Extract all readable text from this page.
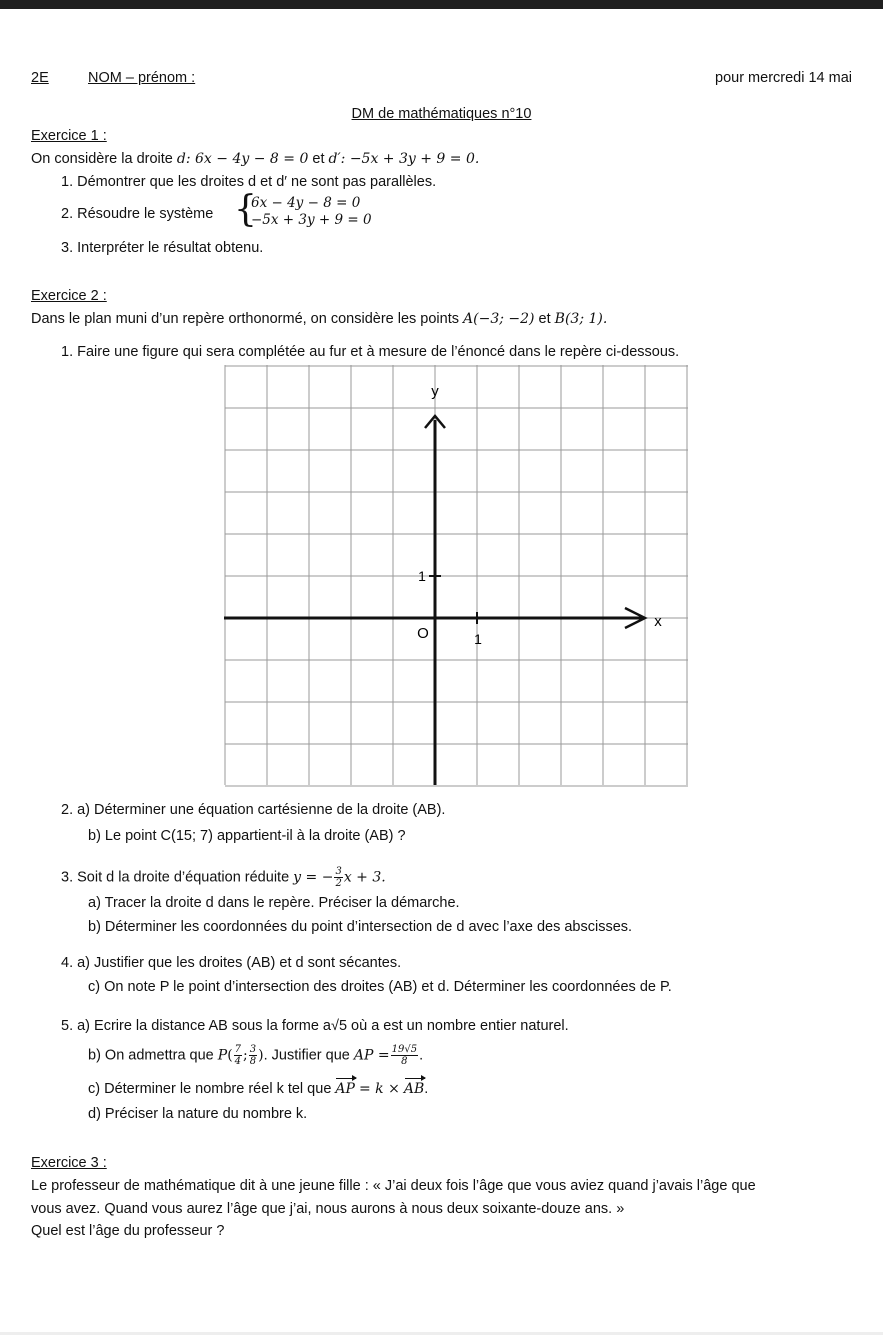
2E	NOM – prénom :	pour mercredi 14 mai
DM de mathématiques n°10
Exercice 1 :
On considère la droite d: 6x − 4y − 8 = 0 et d′: −5x + 3y + 9 = 0.
1. Démontrer que les droites d et d′ ne sont pas parallèles.
2. Résoudre le système {
6x − 4y − 8 = 0
−5x + 3y + 9 = 0
3. Interpréter le résultat obtenu.
Exercice 2 :
Dans le plan muni d’un repère orthonormé, on considère les points A(−3; −2) et B(3; 1).
1. Faire une figure qui sera complétée au fur et à mesure de l’énoncé dans le repère ci-dessous.
y
x
O	1
1
2. a) Déterminer une équation cartésienne de la droite (AB).
b) Le point C(15; 7) appartient-il à la droite (AB) ?
3. Soit d la droite d’équation réduite y = − $\frac{3}{2}$ x + 3.
a) Tracer la droite d dans le repère. Préciser la démarche.
b) Déterminer les coordonnées du point d’intersection de d avec l’axe des abscisses.
4. a) Justifier que les droites (AB) et d sont sécantes.
c) On note P le point d’intersection des droites (AB) et d. Déterminer les coordonnées de P.
5. a) Ecrire la distance AB sous la forme a√5 où a est un nombre entier naturel.
b) On admettra que $P( \frac{7}{4}$ ; $\frac{3}{8}$ ). Justifier que AP = $\frac{19√5}{8}$ .
c) Déterminer le nombre réel k tel que AP = k × AB.
d) Préciser la nature du nombre k.
Exercice 3 :
Le professeur de mathématique dit à une jeune fille : « J’ai deux fois l’âge que vous aviez quand j’avais l’âge que
vous avez. Quand vous aurez l’âge que j’ai, nous aurons à nous deux soixante-douze ans. »
Quel est l’âge du professeur ?
